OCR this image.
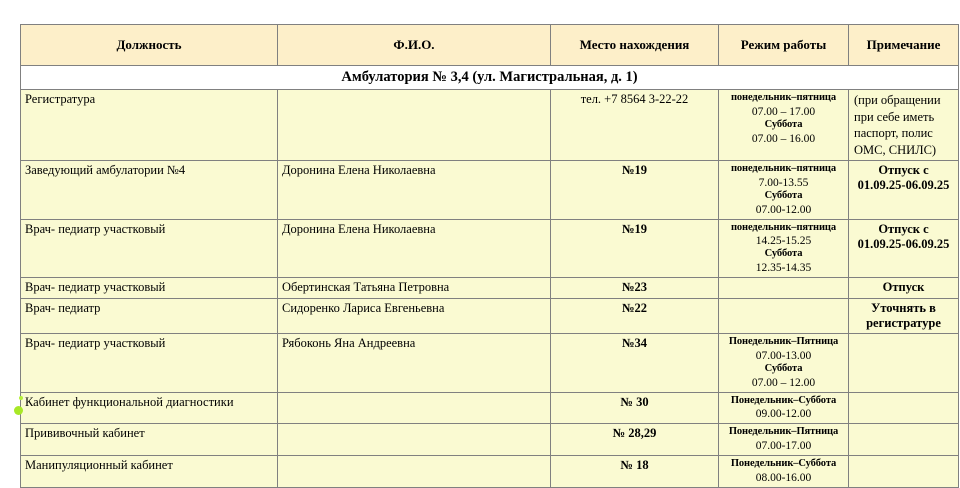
Должность	Ф.И.О.	Место нахождения	Режим работы	Примечание
Амбулатория № 3,4 (ул. Магистральная, д. 1)				
Регистратура		тел. +7 8564 3-22-22	понедельник–пятница
07.00 – 17.00
Суббота
07.00 – 16.00	(при обращении при себе иметь паспорт, полис ОМС, СНИЛС)
Заведующий амбулатории №4	Доронина Елена Николаевна	№19	понедельник–пятница
7.00-13.55
Суббота
07.00-12.00	Отпуск с 01.09.25-06.09.25
Врач- педиатр участковый	Доронина Елена Николаевна	№19	понедельник–пятница
14.25-15.25
Суббота
12.35-14.35	Отпуск с 01.09.25-06.09.25
Врач- педиатр участковый	Обертинская Татьяна Петровна	№23		Отпуск
Врач- педиатр	Сидоренко Лариса Евгеньевна	№22		Уточнять в регистратуре
Врач- педиатр участковый	Рябоконь Яна Андреевна	№34	Понедельник–Пятница
07.00-13.00
Суббота
07.00 – 12.00	

Кабинет функциональной диагностики		№ 30	Понедельник–Суббота
09.00-12.00	

Прививочный кабинет		№ 28,29	Понедельник–Пятница
07.00-17.00	

Манипуляционный кабинет		№ 18	Понедельник–Суббота
08.00-16.00	
